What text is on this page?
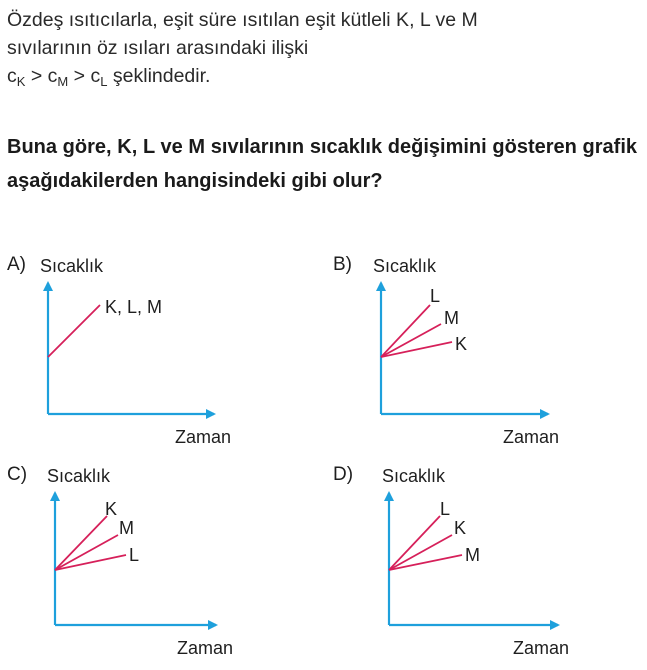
Özdeş ısıtıcılarla, eşit süre ısıtılan eşit kütleli K, L ve M
sıvılarının öz ısıları arasındaki ilişki
$c_K > c_M > c_L$ şeklindedir.
Buna göre, K, L ve M sıvılarının sıcaklık değişimini gösteren grafik aşağıdakilerden hangisindeki gibi olur?
A)	B)
C)	D)
Sıcaklık
Zaman
K, L, M
Sıcaklık
Zaman
L
M
K
Sıcaklık
Zaman
K
M
L
Sıcaklık
Zaman
L
K
M
